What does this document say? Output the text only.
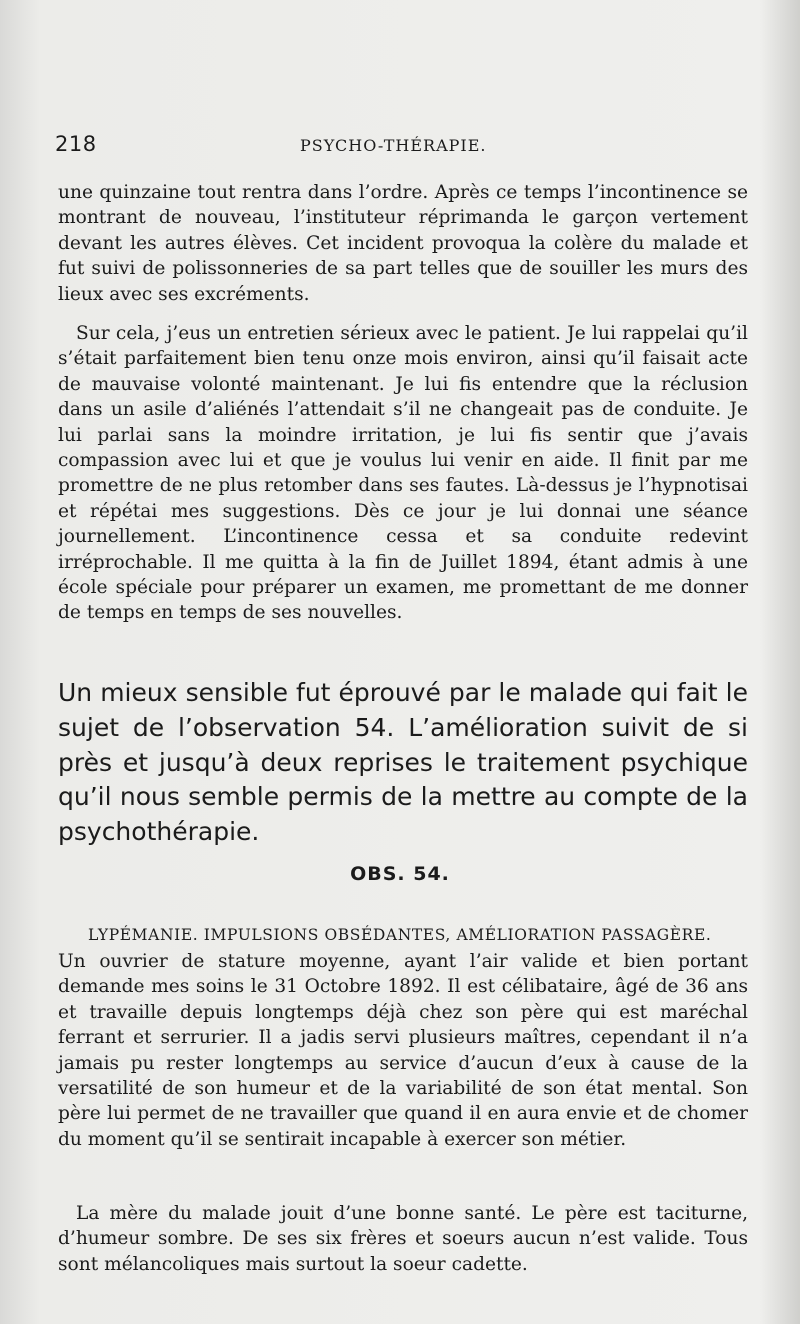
218	PSYCHO-THÉRAPIE.

une quinzaine tout rentra dans l’ordre. Après ce temps l’incontinence se montrant de nouveau, l’instituteur réprimanda le garçon vertement devant les autres élèves. Cet incident provoqua la colère du malade et fut suivi de polissonneries de sa part telles que de souiller les murs des lieux avec ses excréments.

Sur cela, j’eus un entretien sérieux avec le patient. Je lui rappelai qu’il s’était parfaitement bien tenu onze mois environ, ainsi qu’il faisait acte de mauvaise volonté maintenant. Je lui fis entendre que la réclusion dans un asile d’aliénés l’attendait s’il ne changeait pas de conduite. Je lui parlai sans la moindre irritation, je lui fis sentir que j’avais compassion avec lui et que je voulus lui venir en aide. Il finit par me promettre de ne plus retomber dans ses fautes. Là-dessus je l’hypnotisai et répétai mes suggestions. Dès ce jour je lui donnai une séance journellement. L’incontinence cessa et sa conduite redevint irréprochable. Il me quitta à la fin de Juillet 1894, étant admis à une école spéciale pour préparer un examen, me promettant de me donner de temps en temps de ses nouvelles.

Un mieux sensible fut éprouvé par le malade qui fait le sujet de l’observation 54. L’amélioration suivit de si près et jusqu’à deux reprises le traitement psychique qu’il nous semble permis de la mettre au compte de la psychothérapie.

OBS. 54.
LYPÉMANIE. IMPULSIONS OBSÉDANTES, AMÉLIORATION PASSAGÈRE.

Un ouvrier de stature moyenne, ayant l’air valide et bien portant demande mes soins le 31 Octobre 1892. Il est célibataire, âgé de 36 ans et travaille depuis longtemps déjà chez son père qui est maréchal ferrant et serrurier. Il a jadis servi plusieurs maîtres, cependant il n’a jamais pu rester longtemps au service d’aucun d’eux à cause de la versatilité de son humeur et de la variabilité de son état mental. Son père lui permet de ne travailler que quand il en aura envie et de chomer du moment qu’il se sentirait incapable à exercer son métier.

La mère du malade jouit d’une bonne santé. Le père est taciturne, d’humeur sombre. De ses six frères et soeurs aucun n’est valide. Tous sont mélancoliques mais surtout la soeur cadette.
